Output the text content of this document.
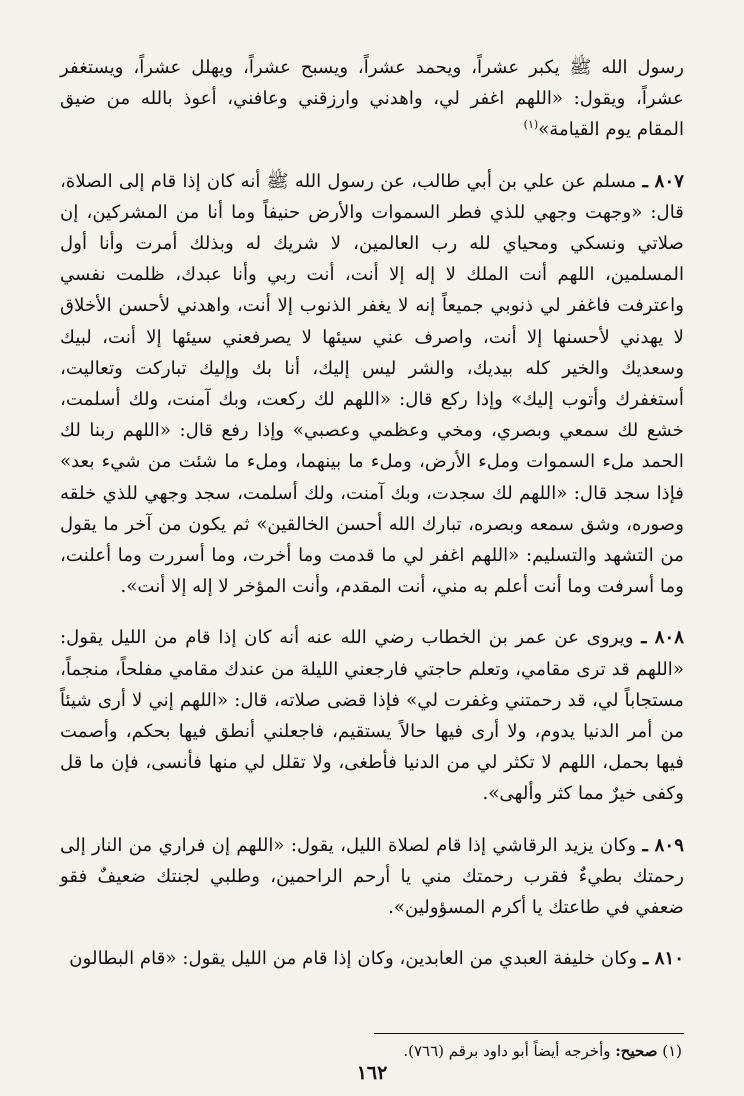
رسول الله ﷺ يكبر عشراً، ويحمد عشراً، ويسبح عشراً، ويهلل عشراً، ويستغفر عشراً، ويقول: «اللهم اغفر لي، واهدني وارزقني وعافني، أعوذ بالله من ضيق المقام يوم القيامة»$^{(١)}$

٨٠٧ ـ مسلم عن علي بن أبي طالب، عن رسول الله ﷺ أنه كان إذا قام إلى الصلاة، قال: «وجهت وجهي للذي فطر السموات والأرض حنيفاً وما أنا من المشركين، إن صلاتي ونسكي ومحياي لله رب العالمين، لا شريك له وبذلك أمرت وأنا أول المسلمين، اللهم أنت الملك لا إله إلا أنت، أنت ربي وأنا عبدك، ظلمت نفسي واعترفت فاغفر لي ذنوبي جميعاً إنه لا يغفر الذنوب إلا أنت، واهدني لأحسن الأخلاق لا يهدني لأحسنها إلا أنت، واصرف عني سيئها لا يصرفعني سيئها إلا أنت، لبيك وسعديك والخير كله بيديك، والشر ليس إليك، أنا بك وإليك تباركت وتعاليت، أستغفرك وأتوب إليك» وإذا ركع قال: «اللهم لك ركعت، وبك آمنت، ولك أسلمت، خشع لك سمعي وبصري، ومخي وعظمي وعصبي» وإذا رفع قال: «اللهم ربنا لك الحمد ملء السموات وملء الأرض، وملء ما بينهما، وملء ما شئت من شيء بعد» فإذا سجد قال: «اللهم لك سجدت، وبك آمنت، ولك أسلمت، سجد وجهي للذي خلقه وصوره، وشق سمعه وبصره، تبارك الله أحسن الخالقين» ثم يكون من آخر ما يقول من التشهد والتسليم: «اللهم اغفر لي ما قدمت وما أخرت، وما أسررت وما أعلنت، وما أسرفت وما أنت أعلم به مني، أنت المقدم، وأنت المؤخر لا إله إلا أنت».

٨٠٨ ـ ويروى عن عمر بن الخطاب رضي الله عنه أنه كان إذا قام من الليل يقول: «اللهم قد ترى مقامي، وتعلم حاجتي فارجعني الليلة من عندك مقامي مفلحاً، منجماً، مستجاباً لي، قد رحمتني وغفرت لي» فإذا قضى صلاته، قال: «اللهم إني لا أرى شيئاً من أمر الدنيا يدوم، ولا أرى فيها حالاً يستقيم، فاجعلني أنطق فيها بحكم، وأصمت فيها بحمل، اللهم لا تكثر لي من الدنيا فأطغى، ولا تقلل لي منها فأنسى، فإن ما قل وكفى خيرٌ مما كثر وألهى».

٨٠٩ ـ وكان يزيد الرقاشي إذا قام لصلاة الليل، يقول: «اللهم إن فراري من النار إلى رحمتك بطيءٌ فقرب رحمتك مني يا أرحم الراحمين، وطلبي لجنتك ضعيفٌ فقو ضعفي في طاعتك يا أكرم المسؤولين».

٨١٠ ـ وكان خليفة العبدي من العابدين، وكان إذا قام من الليل يقول: «قام البطالون

(١) صحيح: وأخرجه أيضاً أبو داود برقم (٧٦٦).
١٦٢
